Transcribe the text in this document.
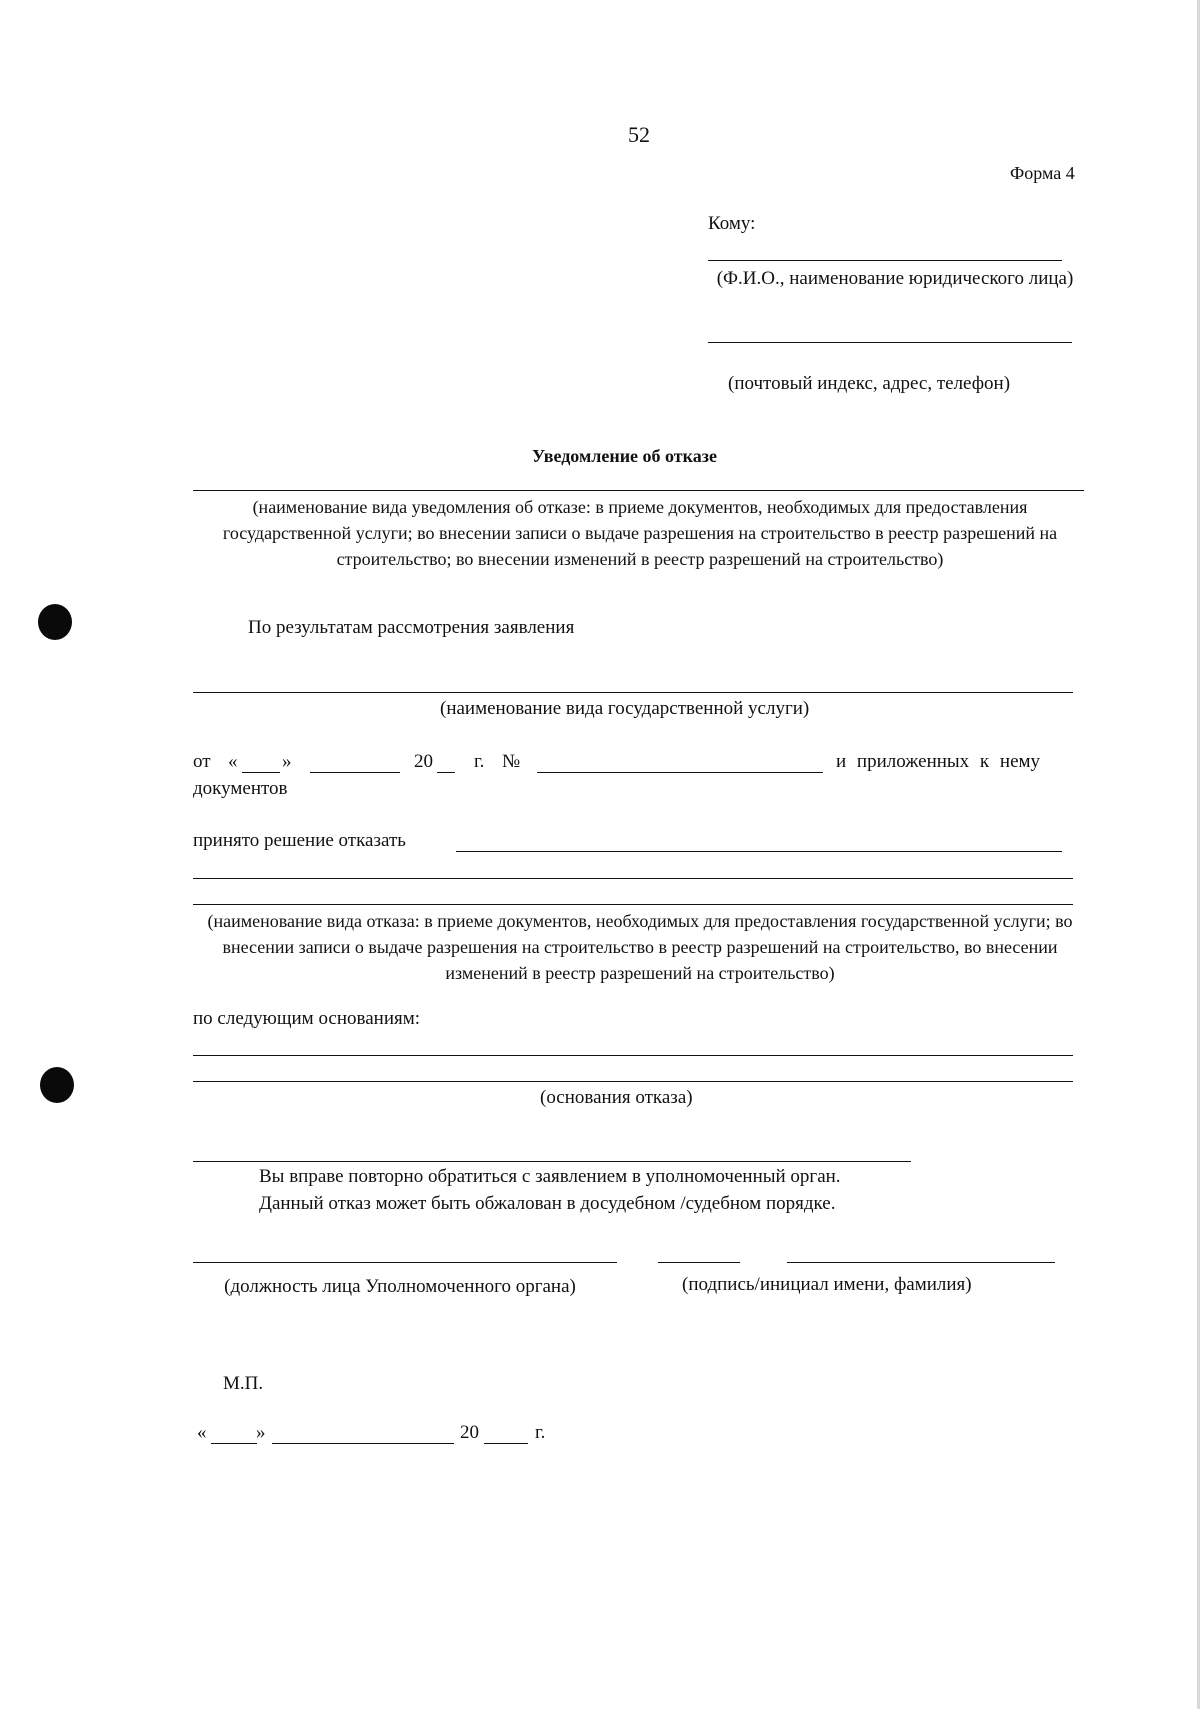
52
Форма 4
Кому:
(Ф.И.О., наименование юридического лица)
(почтовый индекс, адрес, телефон)
Уведомление об отказе
(наименование вида уведомления об отказе: в приеме документов, необходимых для предоставления государственной услуги; во внесении записи о выдаче разрешения на строительство в реестр разрешений на строительство; во внесении изменений в реестр разрешений на строительство)
По результатам рассмотрения заявления
(наименование вида государственной услуги)
от « »	20 г. №	и приложенных к нему
документов
принято решение отказать
(наименование вида отказа: в приеме документов, необходимых для предоставления государственной услуги; во внесении записи о выдаче разрешения на строительство в реестр разрешений на строительство, во внесении изменений в реестр разрешений на строительство)
по следующим основаниям:
(основания отказа)
Вы вправе повторно обратиться с заявлением в уполномоченный орган.
Данный отказ может быть обжалован в досудебном /судебном порядке.
(должность лица Уполномоченного органа)	(подпись/инициал имени, фамилия)
М.П.
«	»	20	г.
